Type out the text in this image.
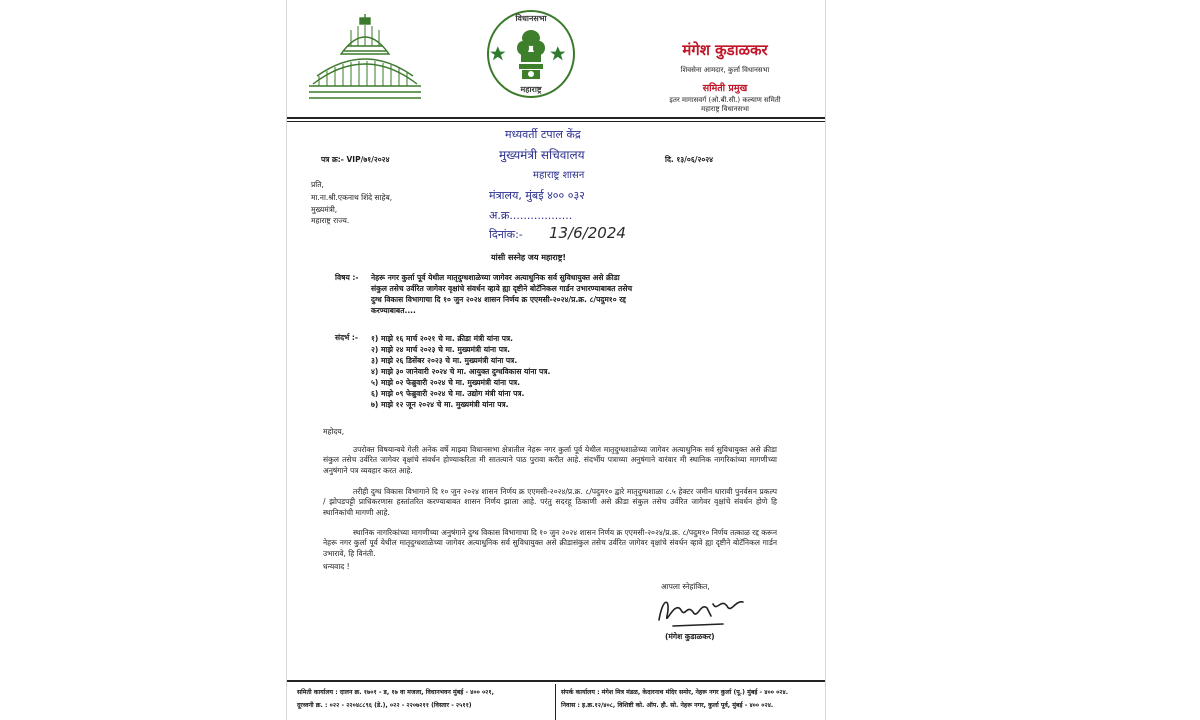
विधानसभा
महाराष्ट्र
मंगेश कुडाळकर
शिवसेना आमदार, कुर्ला विधानसभा
समिती प्रमुख
इतर मागासवर्ग (ओ.बी.सी.) कल्याण समिती
महाराष्ट्र विधानसभा
मध्यवर्ती टपाल केंद्र
मुख्यमंत्री सचिवालय
महाराष्ट्र शासन
मंत्रालय, मुंबई ४०० ०३२
अ.क्र..................
दिनांक:- 13/6/2024
पत्र क्र:- VIP/७१/२०२४	दि. १३/०६/२०२४
प्रति,
मा.ना.श्री.एकनाथ शिंदे साहेब,
मुख्यमंत्री,
महाराष्ट्र राज्य.
यांसी सस्नेह जय महाराष्ट्र!
विषय :- नेहरू नगर कुर्ला पूर्व येथील मातृदुग्धशाळेच्या जागेवर अत्याधुनिक सर्व सुविधायुक्त असे क्रीडा
संकुल तसेच उर्वरित जागेवर वृक्षांचे संवर्धन व्हावे ह्या दृष्टीने बोटॅनिकल गार्डन उभारण्याबाबत तसेच
दुग्ध विकास विभागाचा दि १० जुन २०२४ शासन निर्णय क्र एएमसी-२०२४/प्र.क्र. ८/पदुम१० रद्द
करण्याबाबत....
संदर्भ :- १) माझे १६ मार्च २०२१ चे मा. क्रीडा मंत्री यांना पत्र.
२) माझे २४ मार्च २०२३ चे मा. मुख्यमंत्री यांना पत्र.
३) माझे २६ डिसेंबर २०२३ चे मा. मुख्यमंत्री यांना पत्र.
४) माझे ३० जानेवारी २०२४ चे मा. आयुक्त दुग्धविकास यांना पत्र.
५) माझे ०२ फेब्रुवारी २०२४ चे मा. मुख्यमंत्री यांना पत्र.
६) माझे ०९ फेब्रुवारी २०२४ चे मा. उद्योग मंत्री यांना पत्र.
७) माझे १२ जून २०२४ चे मा. मुख्यमंत्री यांना पत्र.
महोदय,
उपरोक्त विषयान्वये गेली अनेक वर्षे माझ्या विधानसभा क्षेत्रातील नेहरू नगर कुर्ला पूर्व येथील मातृदुग्धशाळेच्या जागेवर अत्याधुनिक सर्व सुविधायुक्त असे क्रीडा संकुल तसेच उर्वरित जागेवर वृक्षांचे संवर्धन होण्याकरिता मी सातत्याने पाठ पुरावा करीत आहे. संदर्भीय पत्राच्या अनुषंगाने वारंवार मी स्थानिक नागरिकांच्या मागणीच्या अनुषंगाने पत्र व्यवहार करत आहे.
तरीही दुग्ध विकास विभागाने दि १० जुन २०२४ शासन निर्णय क्र एएमसी-२०२४/प्र.क्र. ८/पदुम१० द्वारे मातृदुग्धशाळा ८.५ हेक्टर जमीन धारावी पुनर्वसन प्रकल्प / झोपडपट्टी प्राधिकरणास हस्तांतरित करण्याबाबत शासन निर्णय झाला आहे. परंतु सदरहू ठिकाणी असे क्रीडा संकुल तसेच उर्वरित जागेवर वृक्षांचे संवर्धन होणे हि स्थानिकांची मागणी आहे.
स्थानिक नागरिकांच्या मागणीच्या अनुषंगाने दुग्ध विकास विभागाचा दि १० जुन २०२४ शासन निर्णय क्र एएमसी-२०२४/प्र.क्र. ८/पदुम१० निर्णय तत्काळ रद्द करून नेहरू नगर कुर्ला पूर्व येथील मातृदुग्धशाळेच्या जागेवर अत्याधुनिक सर्व सुविधायुक्त असे क्रीडासंकुल तसेच उर्वरित जागेवर वृक्षांचे संवर्धन व्हावे ह्या दृष्टीने बोटॅनिकल गार्डन उभारावे, हि विनंती.
धन्यवाद !
आपला स्नेहांकित,
(मंगेश कुडाळकर)
समिती कार्यालय : दालन क्र. १७०१ - ड, १७ वा मजला, विधानभवन मुंबई - ४०० ०२१,
दूरध्वनी क्र. : ०२२ - २२०४८८९६ (डे.), ०२२ - २२०७२११ (विस्तार - २५११)
संपर्क कार्यालय : मंगेश मित्र मंडळ, केदारनाथ मंदिर समोर, नेहरू नगर कुर्ला (पू.) मुंबई - ४०० ०२४.
निवास : इ.क्र.१२/४०८, विशिष्टी को. ऑप. हौ. सो. नेहरू नगर, कुर्ला पूर्व, मुंबई - ४०० ०२४.
